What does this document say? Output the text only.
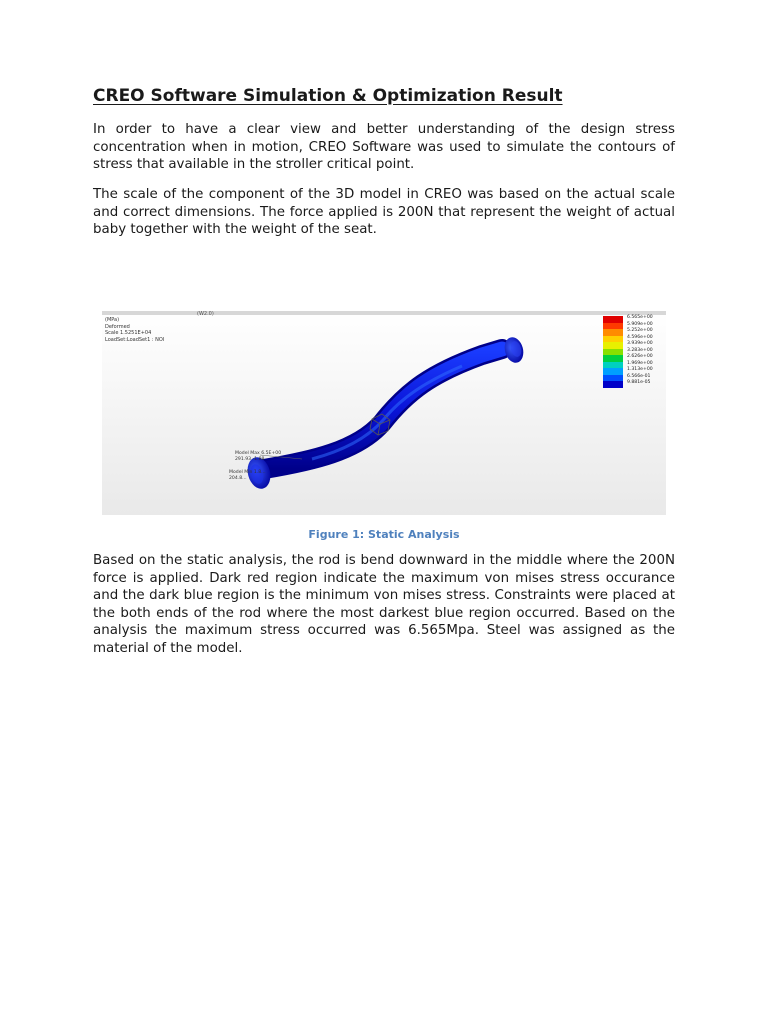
CREO Software Simulation & Optimization Result

In order to have a clear view and better understanding of the design stress concentration when in motion, CREO Software was used to simulate the contours of stress that available in the stroller critical point.

The scale of the component of the 3D model in CREO was based on the actual scale and correct dimensions. The force applied is 200N that represent the weight of actual baby together with the weight of the seat.

(W2.0)
(MPa)
Deformed
Scale 1.5251E+04
LoadSet:LoadSet1 : NOI
Model Max 6.5E+00
291.93 -1.88
Model Min 1.8...
204.8...
6.565e+00
5.909e+00
5.252e+00
4.596e+00
3.939e+00
3.283e+00
2.626e+00
1.969e+00
1.313e+00
6.566e-01
9.881e-05

Figure 1: Static Analysis

Based on the static analysis, the rod is bend downward in the middle where the 200N force is applied. Dark red region indicate the maximum von mises stress occurance and the dark blue region is the minimum von mises stress. Constraints were placed at the both ends of the rod where the most darkest blue region occurred. Based on the analysis the maximum stress occurred was 6.565Mpa. Steel was assigned as the material of the model.
